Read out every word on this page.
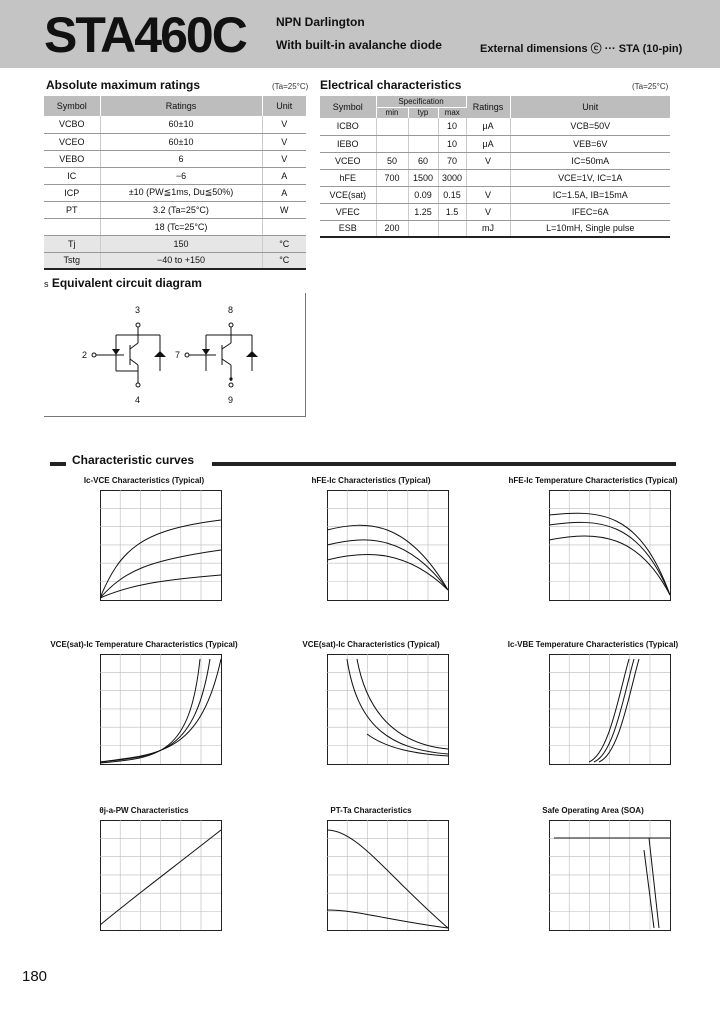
STA460C	NPN Darlington
With built-in avalanche diode	External dimensions ⓒ ··· STA (10-pin)
Absolute maximum ratings	(Ta=25°C)
Symbol	Ratings	Unit
VCBO	60±10	V
VCEO	60±10	V
VEBO	6	V
IC	−6	A
ICP	±10 (PW≦1ms, Du≦50%)	A
PT	3.2 (Ta=25°C)	W
	18 (Tc=25°C)	
Tj	150	°C
Tstg	−40 to +150	°C
Electrical characteristics	(Ta=25°C)
Symbol	Specification			Ratings	Unit
	min	typ	max		
ICBO			10	μA	VCB=50V
IEBO			10	μA	VEB=6V
VCEO	50	60	70	V	IC=50mA
hFE	700	1500	3000		VCE=1V, IC=1A
VCE(sat)		0.09	0.15	V	IC=1.5A, IB=15mA
VFEC		1.25	1.5	V	IFEC=6A
ESB	200			mJ	L=10mH, Single pulse
s Equivalent circuit diagram
3
2
4
8
7
9
Characteristic curves
Ic-VCE Characteristics (Typical)	hFE-Ic Characteristics (Typical)	hFE-Ic Temperature Characteristics (Typical)
VCE(sat)-Ic Temperature Characteristics (Typical)	VCE(sat)-Ic Characteristics (Typical)	Ic-VBE Temperature Characteristics (Typical)
θj-a-PW Characteristics	PT-Ta Characteristics	Safe Operating Area (SOA)
180
